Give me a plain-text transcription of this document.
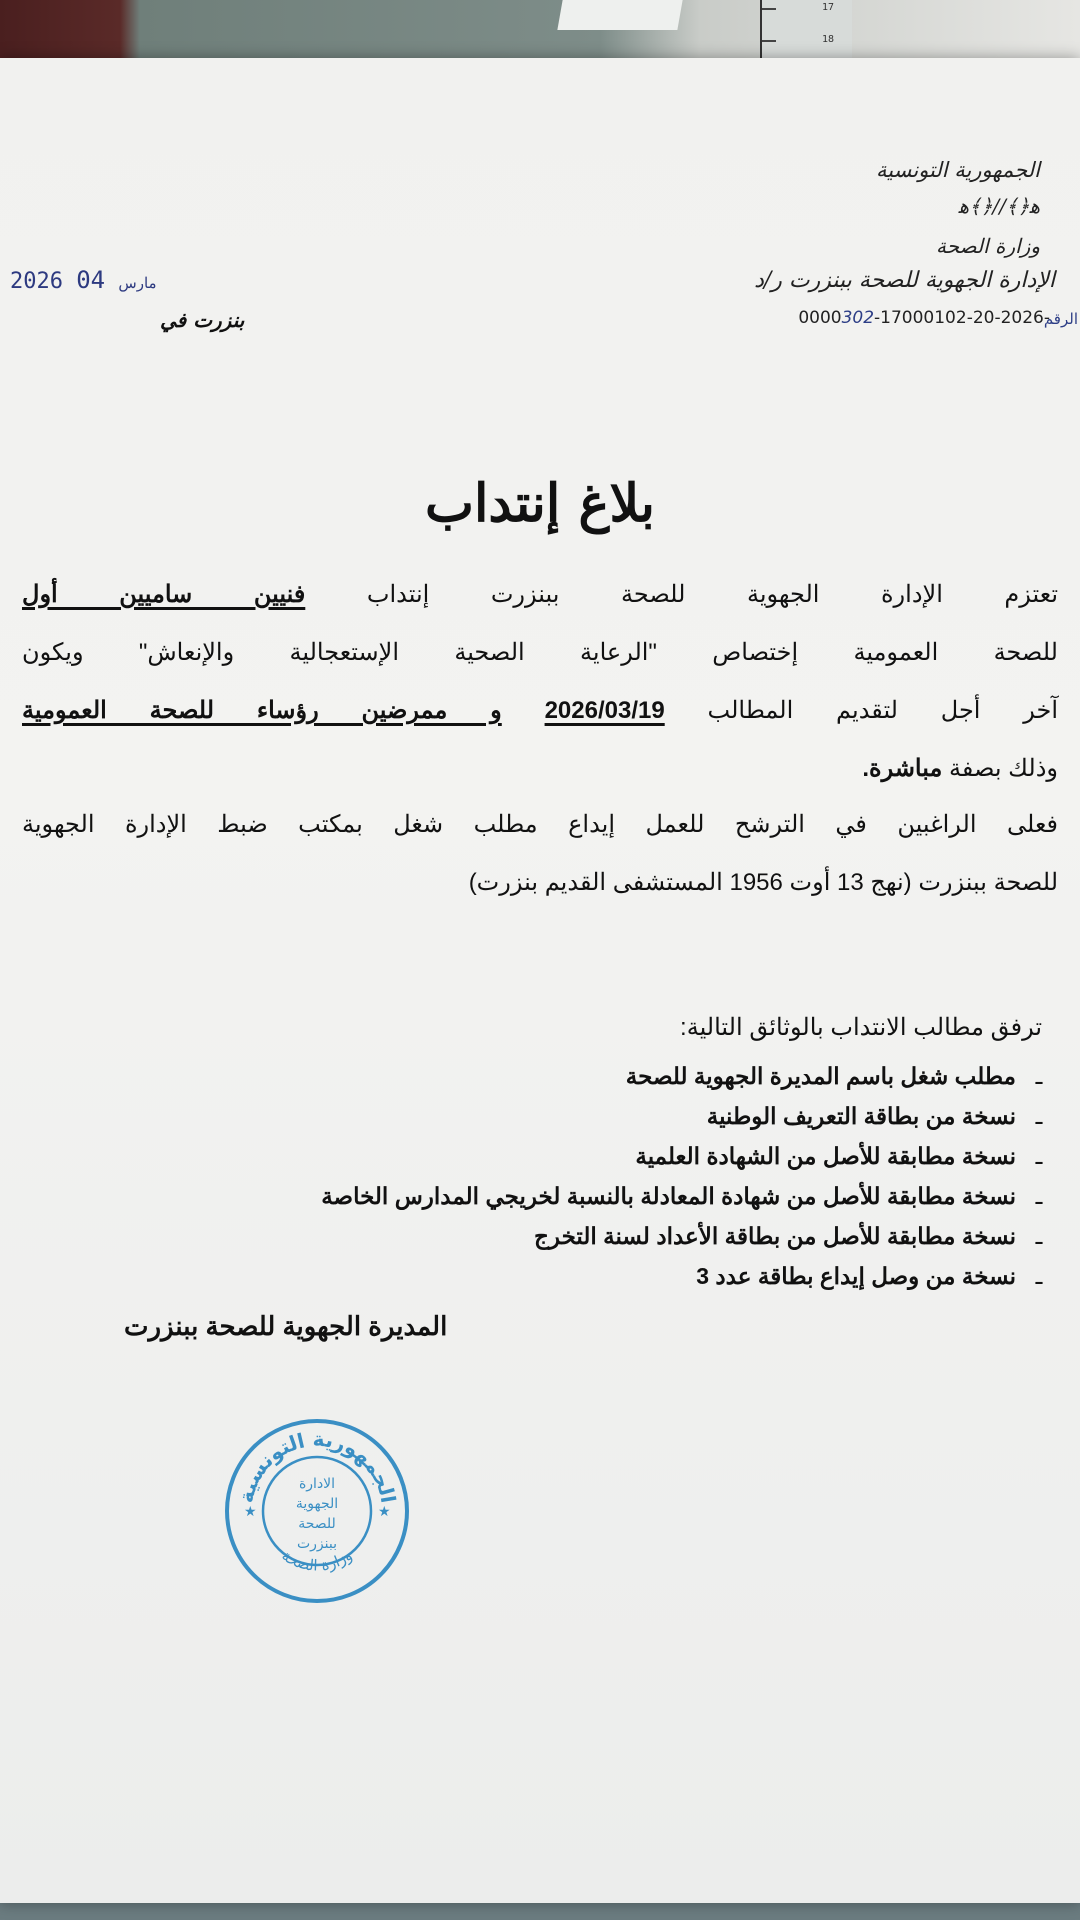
17
18
الجمهورية التونسية
ﻫ﴿﴾//﴿﴾ﻫ
وزارة الصحة
الإدارة الجهوية للصحة ببنزرت ر/د
0000302-17000102-20-2026-
الرقم
2026	مارس 04
بنزرت في
بلاغ إنتداب
تعتزم الإدارة الجهوية للصحة ببنزرت إنتداب فنيين ساميين أول
للصحة العمومية إختصاص "الرعاية الصحية الإستعجالية والإنعاش" ويكون
آخر أجل لتقديم المطالب 2026/03/19 و ممرضين رؤساء للصحة العمومية
وذلك بصفة مباشرة.
فعلى الراغبين في الترشح للعمل إيداع مطلب شغل بمكتب ضبط الإدارة الجهوية
للصحة ببنزرت (نهج 13 أوت 1956 المستشفى القديم بنزرت)
ترفق مطالب الانتداب بالوثائق التالية:
ـ
مطلب شغل باسم المديرة الجهوية للصحة
ـ
نسخة من بطاقة التعريف الوطنية
ـ
نسخة مطابقة للأصل من الشهادة العلمية
ـ
نسخة مطابقة للأصل من شهادة المعادلة بالنسبة لخريجي المدارس الخاصة
ـ
نسخة مطابقة للأصل من بطاقة الأعداد لسنة التخرج
ـ
نسخة من وصل إيداع بطاقة عدد 3
المديرة الجهوية للصحة ببنزرت
الجمهورية التونسية
وزارة الصحة
★	★
الادارة
الجهوية
للصحة
ببنزرت
